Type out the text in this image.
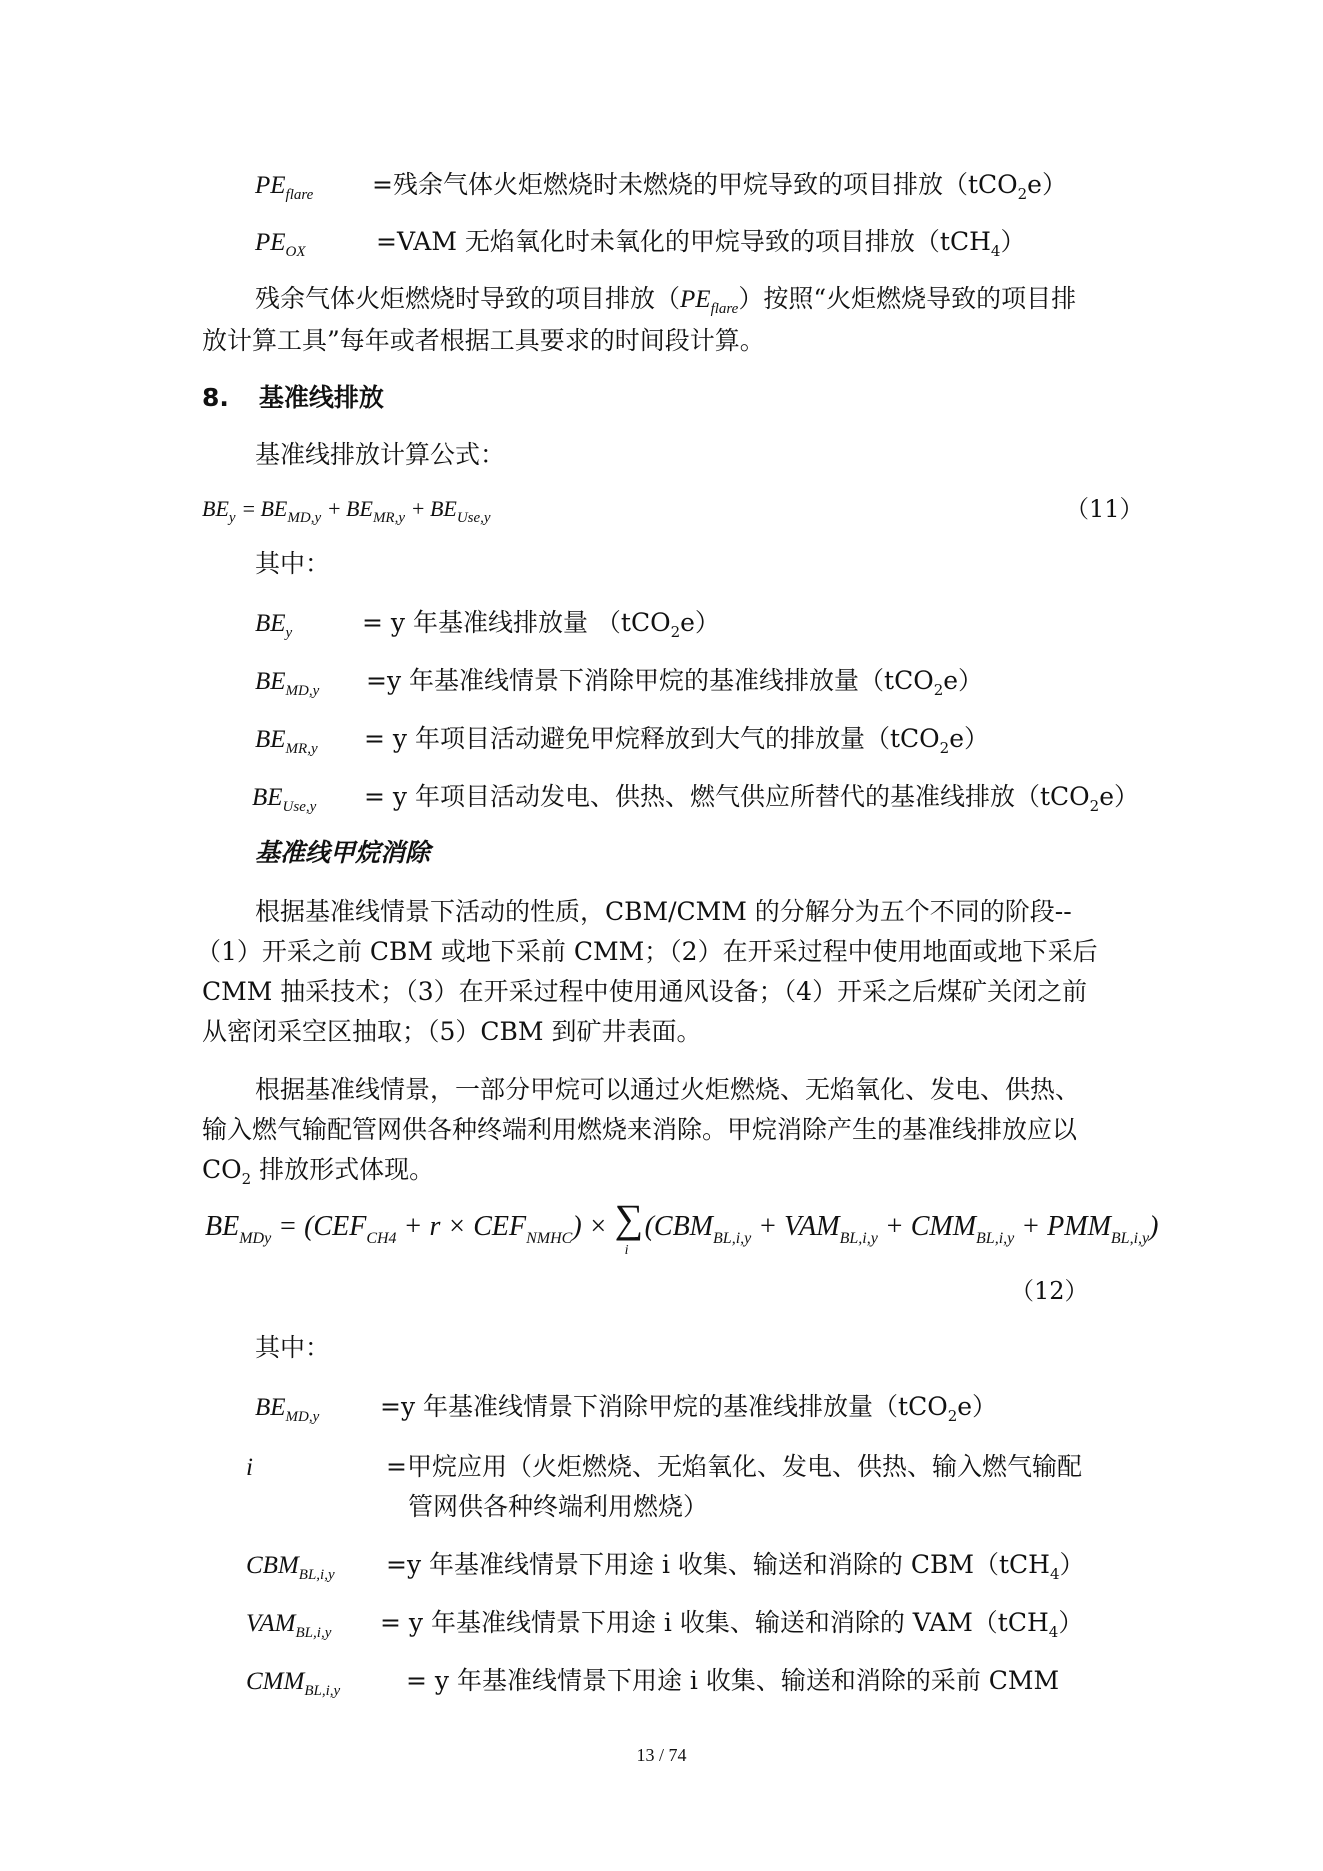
$PE_{flare}$ =残余气体火炬燃烧时未燃烧的甲烷导致的项目排放（tCO$_2$e）
$PE_{OX}$	=VAM 无焰氧化时未氧化的甲烷导致的项目排放（tCH$_4$）
残余气体火炬燃烧时导致的项目排放$(PE_{flare})$按照“火炬燃烧导致的项目排
放计算工具”每年或者根据工具要求的时间段计算。
8. 基准线排放
基准线排放计算公式：
$BE_y = BE_{MD,y} + BE_{MR,y} + BE_{Use,y}$	（11）
其中：
$BE_y$	= y 年基准线排放量 （tCO$_2$e）
$BE_{MD,y} =y$ 年基准线情景下消除甲烷的基准线排放量（tCO$_2$e）
$BE_{MR,y} = y$ 年项目活动避免甲烷释放到大气的排放量（tCO$_2$e）
$BE_{Use,y} = y$ 年项目活动发电、供热、燃气供应所替代的基准线排放（tCO$_2$e）
基准线甲烷消除
根据基准线情景下活动的性质，CBM/CMM 的分解分为五个不同的阶段--
（1）开采之前 CBM 或地下采前 CMM；（2）在开采过程中使用地面或地下采后
CMM 抽采技术；（3）在开采过程中使用通风设备；（4）开采之后煤矿关闭之前
从密闭采空区抽取；（5）CBM 到矿井表面。
根据基准线情景，一部分甲烷可以通过火炬燃烧、无焰氧化、发电、供热、
输入燃气输配管网供各种终端利用燃烧来消除。甲烷消除产生的基准线排放应以
$CO_2$ 排放形式体现。
$BE_{MDy} = (CEF_{CH4} + r \times CEF_{NMHC})$ × ∑
i
$(CBM_{BL,i,y} + VAM_{BL,i,y} + CMM_{BL,i,y} + PMM_{BL,i,y})$
（12）
其中：
$BE_{MD,y} =y$ 年基准线情景下消除甲烷的基准线排放量（tCO$_2$e）
i	=甲烷应用（火炬燃烧、无焰氧化、发电、供热、输入燃气输配
管网供各种终端利用燃烧）
$CBM_{BL,i,y} =y$ 年基准线情景下用途 i 收集、输送和消除的 CBM（tCH$_4$）
$VAM_{BL,i,y} = y$ 年基准线情景下用途 i 收集、输送和消除的 VAM（tCH$_4$）
$CMM_{BL,i,y}$	= y 年基准线情景下用途 i 收集、输送和消除的采前 CMM
13 / 74
